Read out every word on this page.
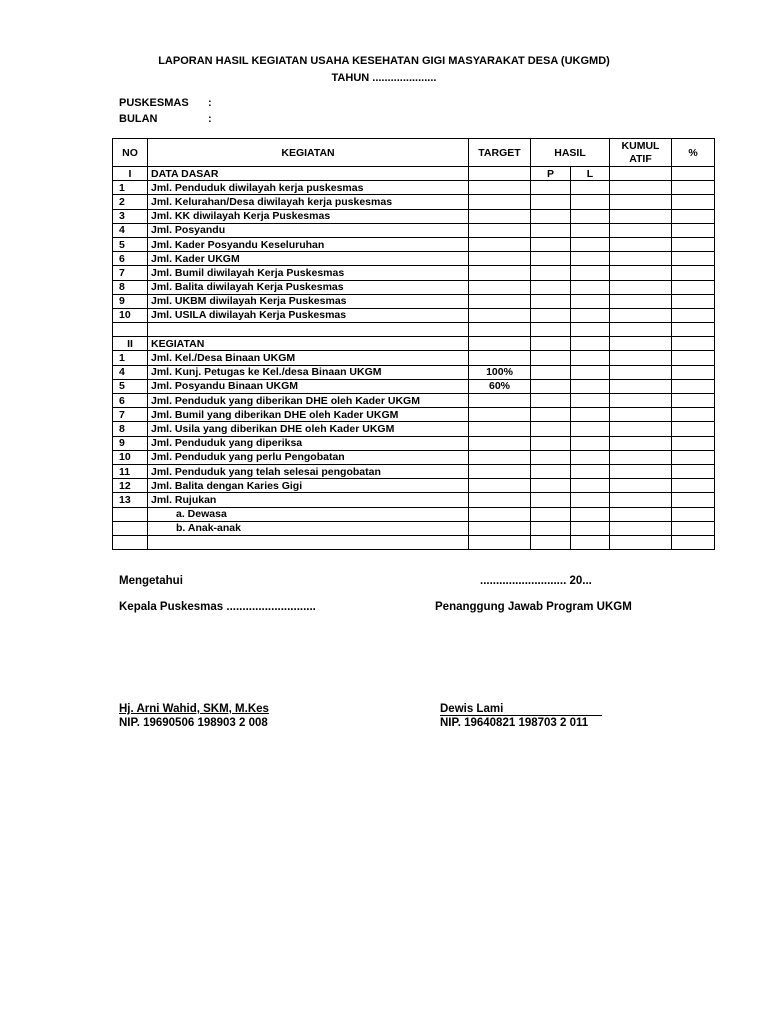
LAPORAN HASIL KEGIATAN USAHA KESEHATAN GIGI MASYARAKAT DESA (UKGMD)
TAHUN .....................
PUSKESMAS :
BULAN	:
NO	KEGIATAN	TARGET	HASIL		KUMUL ATIF	%
I	DATA DASAR		P	L		
1	Jml. Penduduk diwilayah kerja puskesmas					
2	Jml. Kelurahan/Desa diwilayah kerja puskesmas					
3	Jml. KK diwilayah Kerja Puskesmas					
4	Jml. Posyandu					
5	Jml. Kader Posyandu Keseluruhan					
6	Jml. Kader UKGM					
7	Jml. Bumil diwilayah Kerja Puskesmas					
8	Jml. Balita diwilayah Kerja Puskesmas					
9	Jml. UKBM diwilayah Kerja Puskesmas					
10	Jml. USILA diwilayah Kerja Puskesmas					

II	KEGIATAN					
1	Jml. Kel./Desa Binaan UKGM					
4	Jml. Kunj. Petugas ke Kel./desa Binaan UKGM	100%				
5	Jml. Posyandu Binaan UKGM	60%				
6	Jml. Penduduk yang diberikan DHE oleh Kader UKGM					
7	Jml. Bumil yang diberikan DHE oleh Kader UKGM					
8	Jml. Usila yang diberikan DHE oleh Kader UKGM					
9	Jml. Penduduk yang diperiksa					
10	Jml. Penduduk yang perlu Pengobatan					
11	Jml. Penduduk yang telah selesai pengobatan					
12	Jml. Balita dengan Karies Gigi					
13	Jml. Rujukan					
	a. Dewasa					
	b. Anak-anak					

Mengetahui	........................... 20...
Kepala Puskesmas ............................	Penanggung Jawab Program UKGM
Hj. Arni Wahid, SKM, M.Kes
NIP. 19690506 198903 2 008
Dewis Lami
NIP. 19640821 198703 2 011
